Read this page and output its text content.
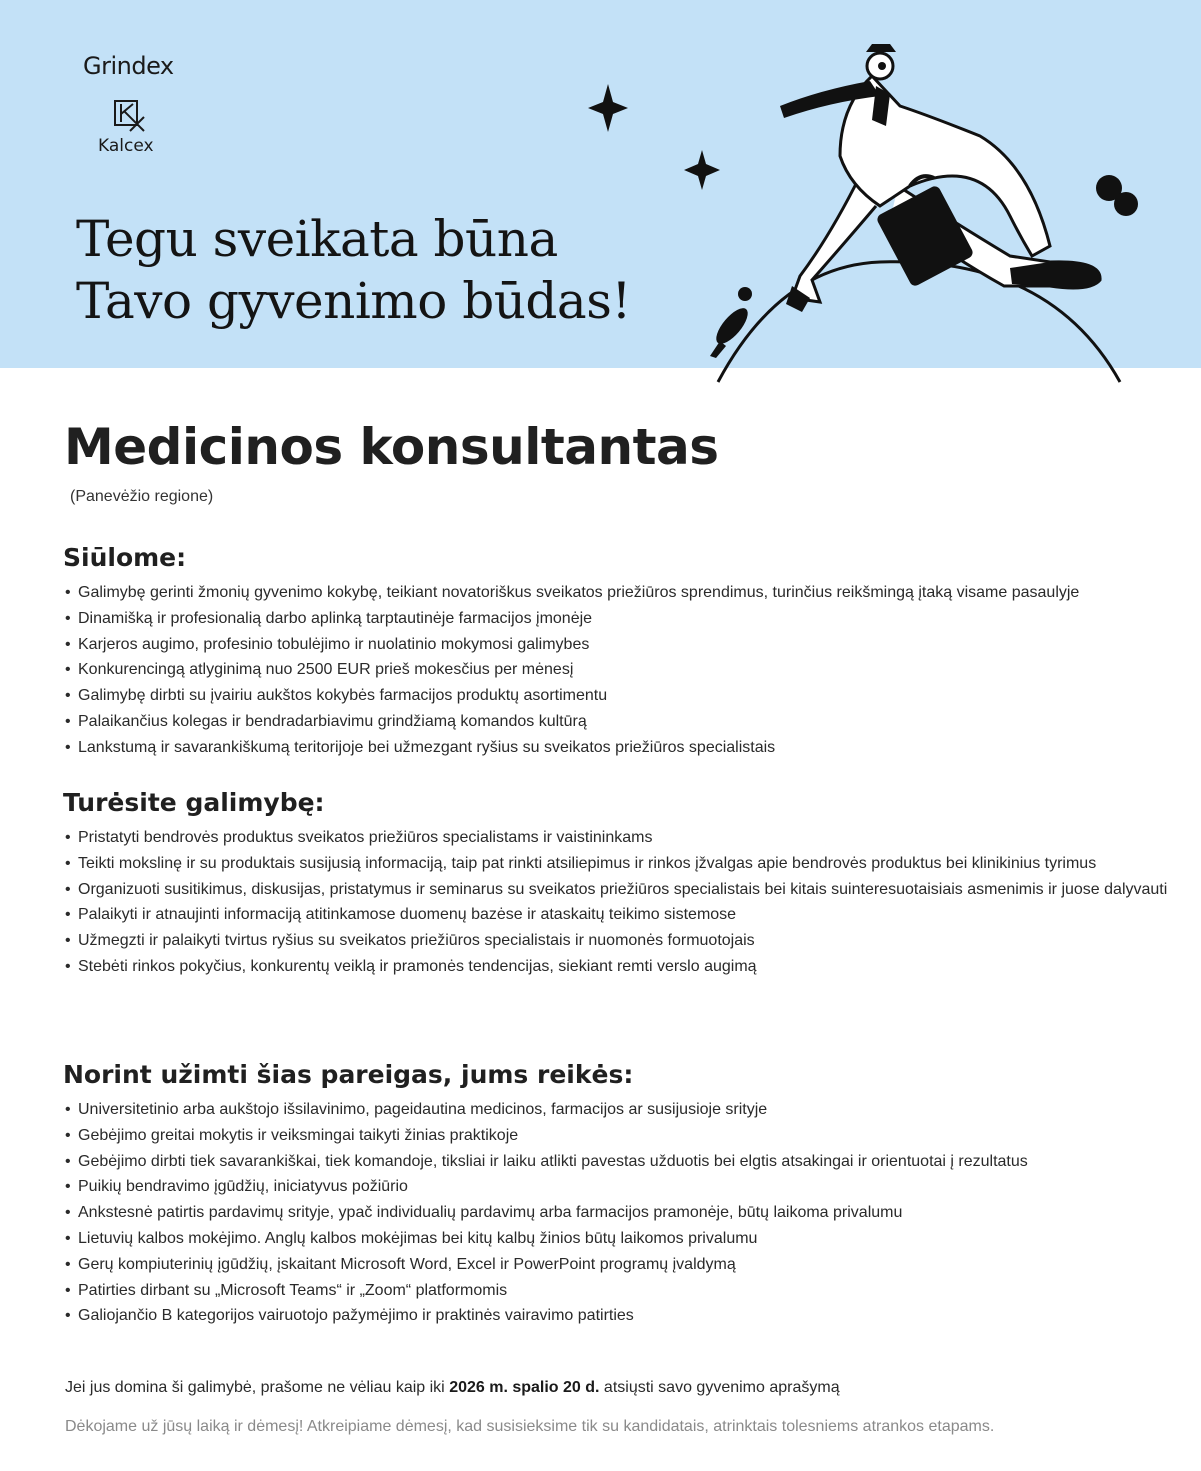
Grindex
Kalcex
Tegu sveikata būna
Tavo gyvenimo būdas!
Medicinos konsultantas
(Panevėžio regione)
Siūlome:
• Galimybę gerinti žmonių gyvenimo kokybę, teikiant novatoriškus sveikatos priežiūros sprendimus, turinčius reikšmingą įtaką visame pasaulyje
• Dinamišką ir profesionalią darbo aplinką tarptautinėje farmacijos įmonėje
• Karjeros augimo, profesinio tobulėjimo ir nuolatinio mokymosi galimybes
• Konkurencingą atlyginimą nuo 2500 EUR prieš mokesčius per mėnesį
• Galimybę dirbti su įvairiu aukštos kokybės farmacijos produktų asortimentu
• Palaikančius kolegas ir bendradarbiavimu grindžiamą komandos kultūrą
• Lankstumą ir savarankiškumą teritorijoje bei užmezgant ryšius su sveikatos priežiūros specialistais
Turėsite galimybę:
• Pristatyti bendrovės produktus sveikatos priežiūros specialistams ir vaistininkams
• Teikti mokslinę ir su produktais susijusią informaciją, taip pat rinkti atsiliepimus ir rinkos įžvalgas apie bendrovės produktus bei klinikinius tyrimus
• Organizuoti susitikimus, diskusijas, pristatymus ir seminarus su sveikatos priežiūros specialistais bei kitais suinteresuotaisiais asmenimis ir juose dalyvauti
• Palaikyti ir atnaujinti informaciją atitinkamose duomenų bazėse ir ataskaitų teikimo sistemose
• Užmegzti ir palaikyti tvirtus ryšius su sveikatos priežiūros specialistais ir nuomonės formuotojais
• Stebėti rinkos pokyčius, konkurentų veiklą ir pramonės tendencijas, siekiant remti verslo augimą
Norint užimti šias pareigas, jums reikės:
• Universitetinio arba aukštojo išsilavinimo, pageidautina medicinos, farmacijos ar susijusioje srityje
• Gebėjimo greitai mokytis ir veiksmingai taikyti žinias praktikoje
• Gebėjimo dirbti tiek savarankiškai, tiek komandoje, tiksliai ir laiku atlikti pavestas užduotis bei elgtis atsakingai ir orientuotai į rezultatus
• Puikių bendravimo įgūdžių, iniciatyvus požiūrio
• Ankstesnė patirtis pardavimų srityje, ypač individualių pardavimų arba farmacijos pramonėje, būtų laikoma privalumu
• Lietuvių kalbos mokėjimo. Anglų kalbos mokėjimas bei kitų kalbų žinios būtų laikomos privalumu
• Gerų kompiuterinių įgūdžių, įskaitant Microsoft Word, Excel ir PowerPoint programų įvaldymą
• Patirties dirbant su „Microsoft Teams“ ir „Zoom“ platformomis
• Galiojančio B kategorijos vairuotojo pažymėjimo ir praktinės vairavimo patirties
Jei jus domina ši galimybė, prašome ne vėliau kaip iki 2026 m. spalio 20 d. atsiųsti savo gyvenimo aprašymą
Dėkojame už jūsų laiką ir dėmesį! Atkreipiame dėmesį, kad susisieksime tik su kandidatais, atrinktais tolesniems atrankos etapams.
